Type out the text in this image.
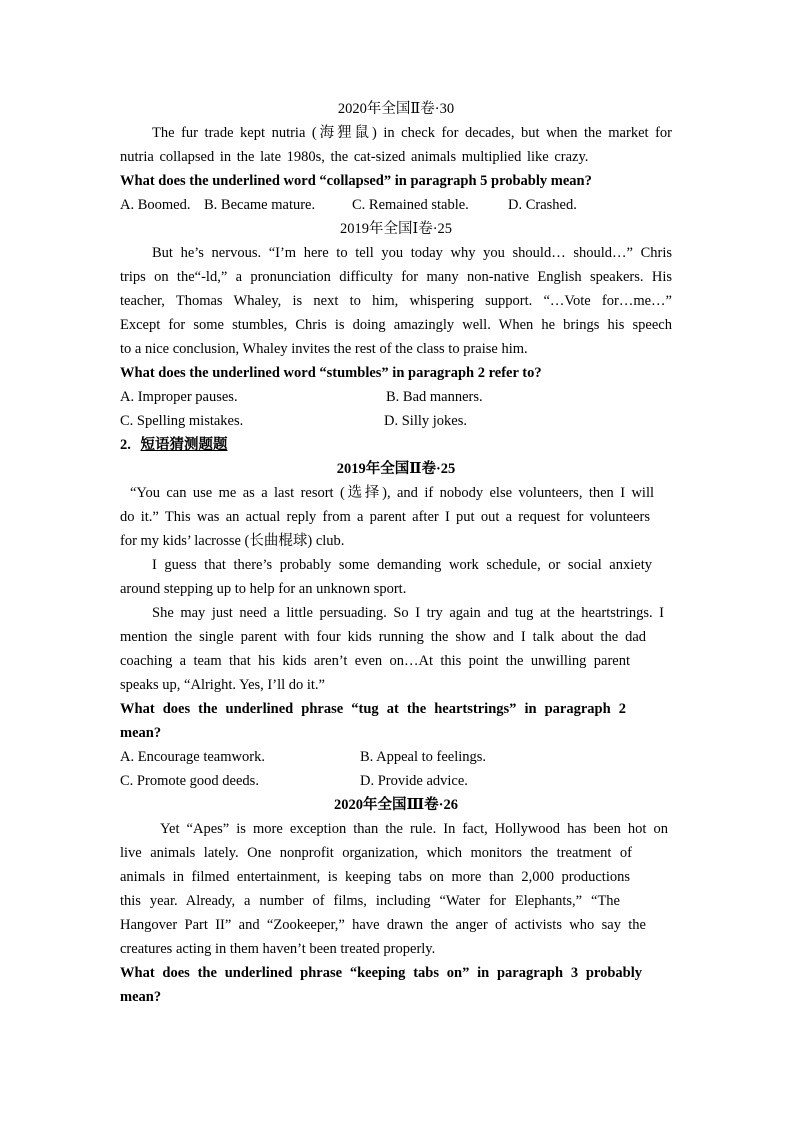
2020年全国Ⅱ卷·30
The fur trade kept nutria (海狸鼠) in check for decades, but when the market for
nutria collapsed in the late 1980s, the cat-sized animals multiplied like crazy.
What does the underlined word “collapsed” in paragraph 5 probably mean?
A. Boomed. B. Became mature.	C. Remained stable.	D. Crashed.
2019年全国Ⅰ卷·25
But he’s nervous. “I’m here to tell you today why you should… should…” Chris
trips on the“-ld,” a pronunciation difficulty for many non-native English speakers. His
teacher, Thomas Whaley, is next to him, whispering support. “…Vote for…me…”
Except for some stumbles, Chris is doing amazingly well. When he brings his speech
to a nice conclusion, Whaley invites the rest of the class to praise him.
What does the underlined word “stumbles” in paragraph 2 refer to?
A. Improper pauses.	B. Bad manners.
C. Spelling mistakes.	D. Silly jokes.
2. 短语猜测题题
2019年全国Ⅱ卷·25
“You can use me as a last resort (选择), and if nobody else volunteers, then I will
do it.” This was an actual reply from a parent after I put out a request for volunteers
for my kids’ lacrosse (长曲棍球) club.
I guess that there’s probably some demanding work schedule, or social anxiety
around stepping up to help for an unknown sport.
She may just need a little persuading. So I try again and tug at the heartstrings. I
mention the single parent with four kids running the show and I talk about the dad
coaching a team that his kids aren’t even on…At this point the unwilling parent
speaks up, “Alright. Yes, I’ll do it.”
What does the underlined phrase “tug at the heartstrings” in paragraph 2
mean?
A. Encourage teamwork.	B. Appeal to feelings.
C. Promote good deeds.	D. Provide advice.
2020年全国Ⅲ卷·26
Yet “Apes” is more exception than the rule. In fact, Hollywood has been hot on
live animals lately. One nonprofit organization, which monitors the treatment of
animals in filmed entertainment, is keeping tabs on more than 2,000 productions
this year. Already, a number of films, including “Water for Elephants,” “The
Hangover Part II” and “Zookeeper,” have drawn the anger of activists who say the
creatures acting in them haven’t been treated properly.
What does the underlined phrase “keeping tabs on” in paragraph 3 probably
mean?
